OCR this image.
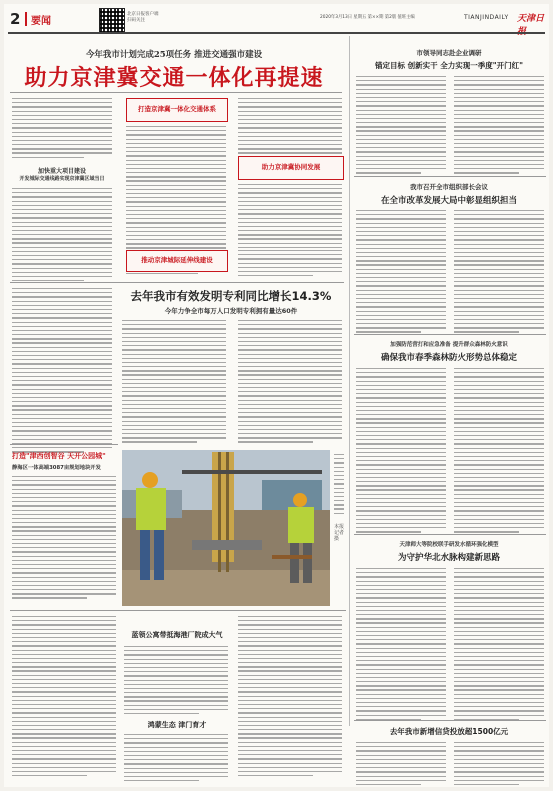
2 要闻
北京日报客户端 扫码关注
2020年3月13日 星期五 第××期 第2版 值班主编	TIANJINDAILY 天津日
今年我市计划完成25项任务 推进交通强市建设
助力京津冀交通一体化再提速
加快重大项目建设
开发城际交通线路实现京津冀区域当日
打造京津冀一体化交通体系
助力京津冀协同发展
推动京津城际延伸线建设
去年我市有效发明专利同比增长14.3%
今年力争全市每万人口发明专利拥有量达60件
打造"津西创智谷 天开公园城"
静海区一体高端3087亩规划地块开发
本报记者 摄
市领导同志赴企业调研
锚定目标 创新实干 全力实现一季度"开门红"
我市召开全市组织部长会议
在全市改革发展大局中彰显组织担当
加强防范营打和应急准备 提升群众森林防火意识
确保我市春季森林防火形势总体稳定
天津师大等院校联手研发水循环强化模型
为守护华北水脉构建新思路
蓝领公寓带抵海港厂院成大气
鸿蒙生态 津门育才
去年我市新增信贷投放超1500亿元
